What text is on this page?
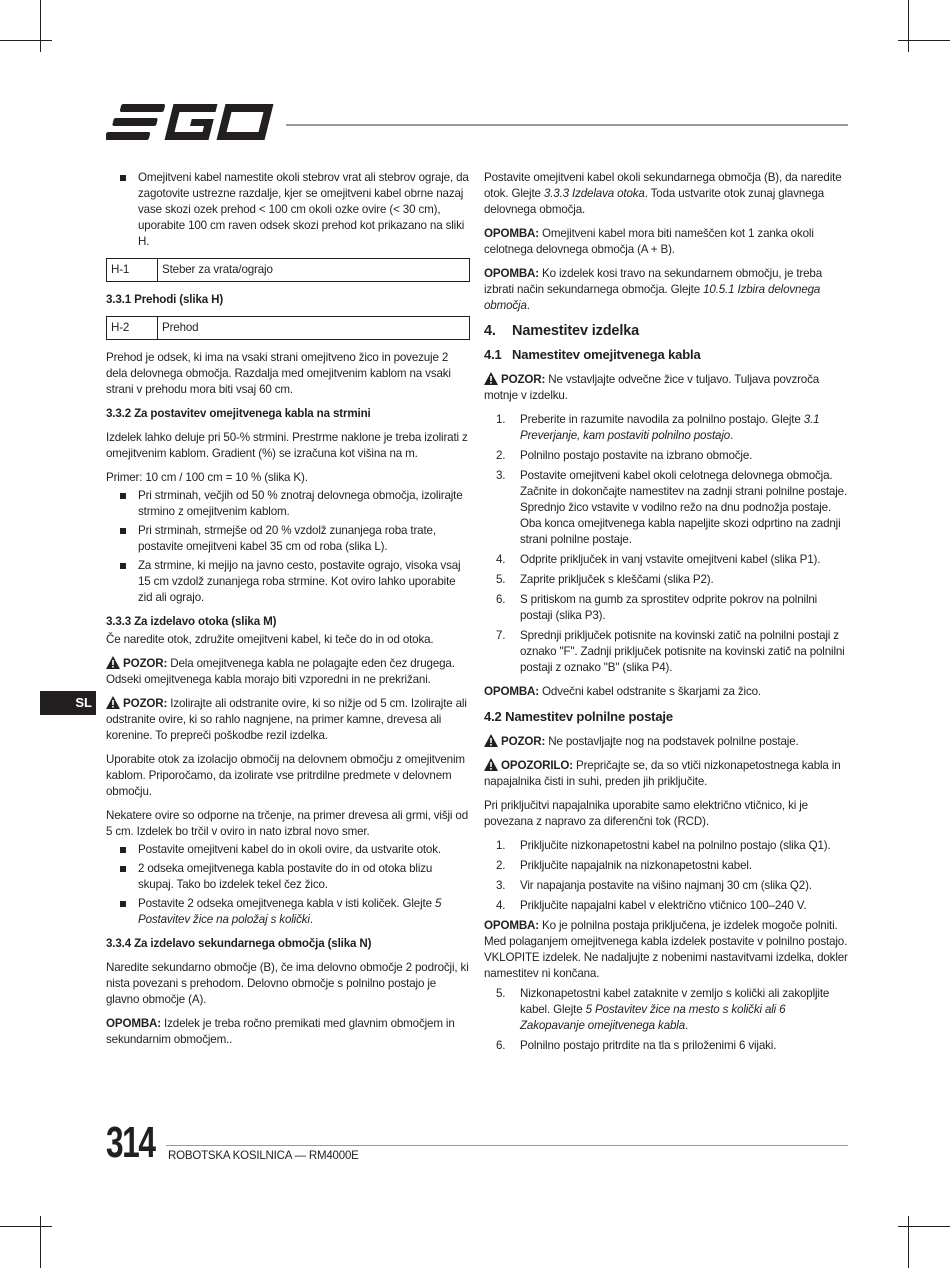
SL
Omejitveni kabel namestite okoli stebrov vrat ali stebrov ograje, da zagotovite ustrezne razdalje, kjer se omejitveni kabel obrne nazaj vase skozi ozek prehod < 100 cm okoli ozke ovire (< 30 cm), uporabite 100 cm raven odsek skozi prehod kot prikazano na sliki H.
H-1	Steber za vrata/ograjo
3.3.1 Prehodi (slika H)
H-2	Prehod

Prehod je odsek, ki ima na vsaki strani omejitveno žico in povezuje 2 dela delovnega območja. Razdalja med omejitvenim kablom na vsaki strani v prehodu mora biti vsaj 60 cm.

3.3.2 Za postavitev omejitvenega kabla na strmini

Izdelek lahko deluje pri 50-% strmini. Prestrme naklone je treba izolirati z omejitvenim kablom. Gradient (%) se izračuna kot višina na m.

Primer: 10 cm / 100 cm = 10 % (slika K).

Pri strminah, večjih od 50 % znotraj delovnega območja, izolirajte strmino z omejitvenim kablom.
Pri strminah, strmejše od 20 % vzdolž zunanjega roba trate, postavite omejitveni kabel 35 cm od roba (slika L).
Za strmine, ki mejijo na javno cesto, postavite ograjo, visoka vsaj 15 cm vzdolž zunanjega roba strmine. Kot oviro lahko uporabite zid ali ograjo.
3.3.3 Za izdelavo otoka (slika M)

Če naredite otok, združite omejitveni kabel, ki teče do in od otoka.

POZOR: Dela omejitvenega kabla ne polagajte eden čez drugega. Odseki omejitvenega kabla morajo biti vzporedni in ne prekrižani.

POZOR: Izolirajte ali odstranite ovire, ki so nižje od 5 cm. Izolirajte ali odstranite ovire, ki so rahlo nagnjene, na primer kamne, drevesa ali korenine. To prepreči poškodbe rezil izdelka.

Uporabite otok za izolacijo območij na delovnem območju z omejitvenim kablom. Priporočamo, da izolirate vse pritrdilne predmete v delovnem območju.

Nekatere ovire so odporne na trčenje, na primer drevesa ali grmi, višji od 5 cm. Izdelek bo trčil v oviro in nato izbral novo smer.

Postavite omejitveni kabel do in okoli ovire, da ustvarite otok.
2 odseka omejitvenega kabla postavite do in od otoka blizu skupaj. Tako bo izdelek tekel čez žico.
Postavite 2 odseka omejitvenega kabla v isti količek. Glejte 5 Postavitev žice na položaj s količki.
3.3.4 Za izdelavo sekundarnega območja (slika N)

Naredite sekundarno območje (B), če ima delovno območje 2 področji, ki nista povezani s prehodom. Delovno območje s polnilno postajo je glavno območje (A).

OPOMBA: Izdelek je treba ročno premikati med glavnim območjem in sekundarnim območjem..

Postavite omejitveni kabel okoli sekundarnega območja (B), da naredite otok. Glejte 3.3.3 Izdelava otoka. Toda ustvarite otok zunaj glavnega delovnega območja.

OPOMBA: Omejitveni kabel mora biti nameščen kot 1 zanka okoli celotnega delovnega območja (A + B).

OPOMBA: Ko izdelek kosi travo na sekundarnem območju, je treba izbrati način sekundarnega območja. Glejte 10.5.1 Izbira delovnega območja.

4. Namestitev izdelka
4.1 Namestitev omejitvenega kabla

POZOR: Ne vstavljajte odvečne žice v tuljavo. Tuljava povzroča motnje v izdelku.

1. Preberite in razumite navodila za polnilno postajo. Glejte 3.1 Preverjanje, kam postaviti polnilno postajo.
2. Polnilno postajo postavite na izbrano območje.
3. Postavite omejitveni kabel okoli celotnega delovnega območja. Začnite in dokončajte namestitev na zadnji strani polnilne postaje. Sprednjo žico vstavite v vodilno režo na dnu podnožja postaje. Oba konca omejitvenega kabla napeljite skozi odprtino na zadnji strani polnilne postaje.
4. Odprite priključek in vanj vstavite omejitveni kabel (slika P1).
5. Zaprite priključek s kleščami (slika P2).
6. S pritiskom na gumb za sprostitev odprite pokrov na polnilni postaji (slika P3).
7. Sprednji priključek potisnite na kovinski zatič na polnilni postaji z oznako "F". Zadnji priključek potisnite na kovinski zatič na polnilni postaji z oznako "B" (slika P4).

OPOMBA: Odvečni kabel odstranite s škarjami za žico.

4.2 Namestitev polnilne postaje

POZOR: Ne postavljajte nog na podstavek polnilne postaje.

OPOZORILO: Prepričajte se, da so vtiči nizkonapetostnega kabla in napajalnika čisti in suhi, preden jih priključite.

Pri priključitvi napajalnika uporabite samo električno vtičnico, ki je povezana z napravo za diferenčni tok (RCD).

1. Priključite nizkonapetostni kabel na polnilno postajo (slika Q1).
2. Priključite napajalnik na nizkonapetostni kabel.
3. Vir napajanja postavite na višino najmanj 30 cm (slika Q2).
4. Priključite napajalni kabel v električno vtičnico 100–240 V.

OPOMBA: Ko je polnilna postaja priključena, je izdelek mogoče polniti. Med polaganjem omejitvenega kabla izdelek postavite v polnilno postajo. VKLOPITE izdelek. Ne nadaljujte z nobenimi nastavitvami izdelka, dokler namestitev ni končana.

5. Nizkonapetostni kabel zataknite v zemljo s količki ali zakopljite kabel. Glejte 5 Postavitev žice na mesto s količki ali 6 Zakopavanje omejitvenega kabla.
6. Polnilno postajo pritrdite na tla s priloženimi 6 vijaki.
314 ROBOTSKA KOSILNICA — RM4000E
